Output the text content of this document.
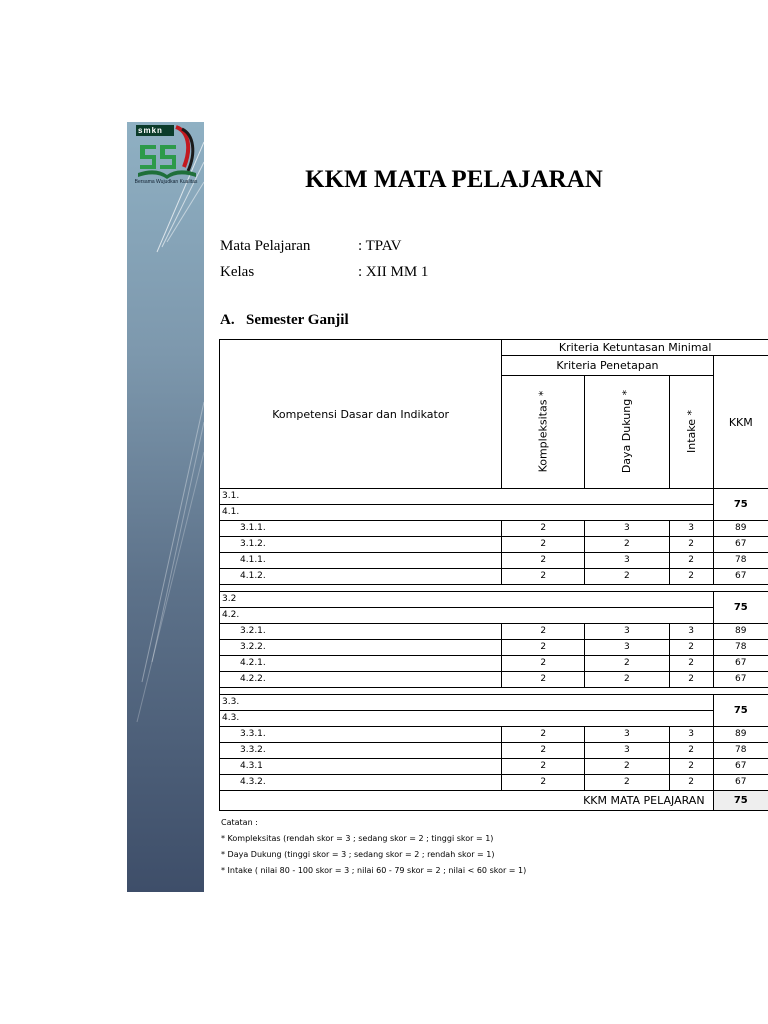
smkn
Bersama Wujudkan Kualitas	KKM MATA PELAJARAN
Mata Pelajaran	: TPAV
Kelas	: XII MM 1
A. Semester Ganjil
Kompetensi Dasar dan Indikator	Kriteria Ketuntasan Minimal			
	Kriteria Penetapan			KKM
	Kompleksitas *	Daya Dukung *	Intake *	
3.1.				75
4.1.				
3.1.1.	2	3	3	89
3.1.2.	2	2	2	67
4.1.1.	2	3	2	78
4.1.2.	2	2	2	67

3.2				75
4.2.				
3.2.1.	2	3	3	89
3.2.2.	2	3	2	78
4.2.1.	2	2	2	67
4.2.2.	2	2	2	67

3.3.				75
4.3.				
3.3.1.	2	3	3	89
3.3.2.	2	3	2	78
4.3.1	2	2	2	67
4.3.2.	2	2	2	67
KKM MATA PELAJARAN				75
Catatan :
* Kompleksitas (rendah skor = 3 ; sedang skor = 2 ; tinggi skor = 1)
* Daya Dukung (tinggi skor = 3 ; sedang skor = 2 ; rendah skor = 1)
* Intake ( nilai 80 - 100 skor = 3 ; nilai 60 - 79 skor = 2 ; nilai < 60 skor = 1)
